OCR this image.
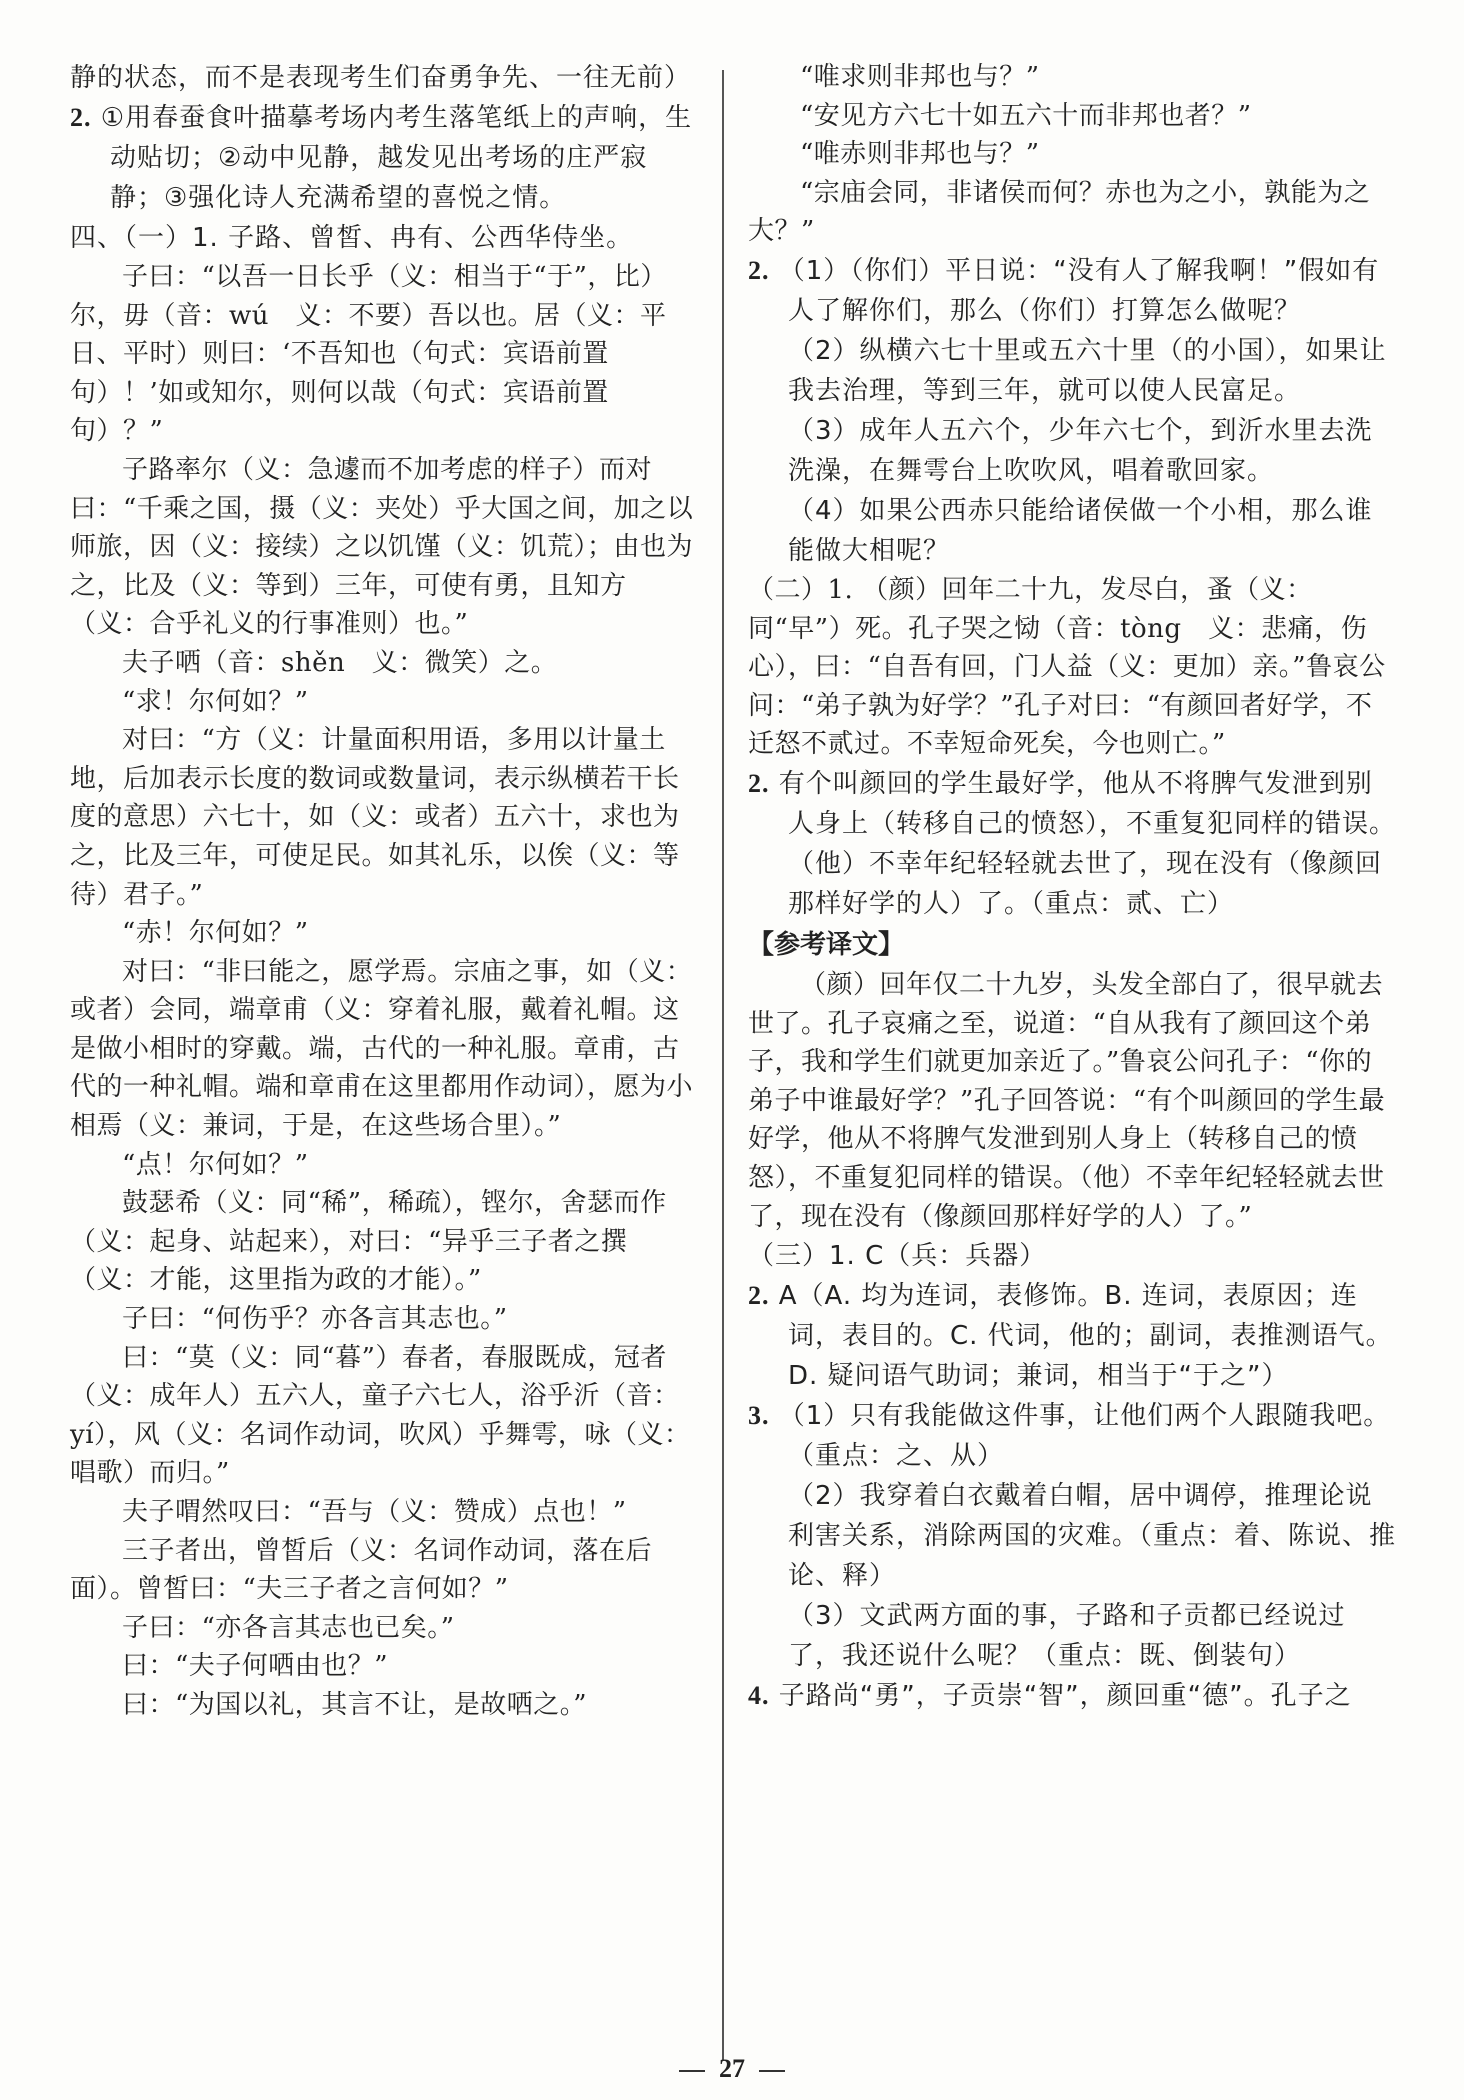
静的状态，而不是表现考生们奋勇争先、一往无前）

2. ①用春蚕食叶描摹考场内考生落笔纸上的声响，生动贴切；②动中见静，越发见出考场的庄严寂静；③强化诗人充满希望的喜悦之情。

四、（一）1. 子路、曾皙、冉有、公西华侍坐。

子曰：“以吾一日长乎（义：相当于“于”，比）尔，毋（音：wú　义：不要）吾以也。居（义：平日、平时）则曰：‘不吾知也（句式：宾语前置句）！’如或知尔，则何以哉（句式：宾语前置句）？”

子路率尔（义：急遽而不加考虑的样子）而对曰：“千乘之国，摄（义：夹处）乎大国之间，加之以师旅，因（义：接续）之以饥馑（义：饥荒）；由也为之，比及（义：等到）三年，可使有勇，且知方（义：合乎礼义的行事准则）也。”

夫子哂（音：shěn　义：微笑）之。

“求！尔何如？”

对曰：“方（义：计量面积用语，多用以计量土地，后加表示长度的数词或数量词，表示纵横若干长度的意思）六七十，如（义：或者）五六十，求也为之，比及三年，可使足民。如其礼乐，以俟（义：等待）君子。”

“赤！尔何如？”

对曰：“非曰能之，愿学焉。宗庙之事，如（义：或者）会同，端章甫（义：穿着礼服，戴着礼帽。这是做小相时的穿戴。端，古代的一种礼服。章甫，古代的一种礼帽。端和章甫在这里都用作动词），愿为小相焉（义：兼词，于是，在这些场合里）。”

“点！尔何如？”

鼓瑟希（义：同“稀”，稀疏），铿尔，舍瑟而作（义：起身、站起来），对曰：“异乎三子者之撰（义：才能，这里指为政的才能）。”

子曰：“何伤乎？亦各言其志也。”

曰：“莫（义：同“暮”）春者，春服既成，冠者（义：成年人）五六人，童子六七人，浴乎沂（音：yí），风（义：名词作动词，吹风）乎舞雩，咏（义：唱歌）而归。”

夫子喟然叹曰：“吾与（义：赞成）点也！”

三子者出，曾皙后（义：名词作动词，落在后面）。曾皙曰：“夫三子者之言何如？”

子曰：“亦各言其志也已矣。”

曰：“夫子何哂由也？”

曰：“为国以礼，其言不让，是故哂之。”

“唯求则非邦也与？”

“安见方六七十如五六十而非邦也者？”

“唯赤则非邦也与？”

“宗庙会同，非诸侯而何？赤也为之小，孰能为之大？”

2. （1）（你们）平日说：“没有人了解我啊！”假如有人了解你们，那么（你们）打算怎么做呢？

（2）纵横六七十里或五六十里（的小国），如果让我去治理，等到三年，就可以使人民富足。

（3）成年人五六个，少年六七个，到沂水里去洗洗澡，在舞雩台上吹吹风，唱着歌回家。

（4）如果公西赤只能给诸侯做一个小相，那么谁能做大相呢？

（二）1. （颜）回年二十九，发尽白，蚤（义：同“早”）死。孔子哭之恸（音：tòng　义：悲痛，伤心），曰：“自吾有回，门人益（义：更加）亲。”鲁哀公问：“弟子孰为好学？”孔子对曰：“有颜回者好学，不迁怒不贰过。不幸短命死矣，今也则亡。”

2. 有个叫颜回的学生最好学，他从不将脾气发泄到别人身上（转移自己的愤怒），不重复犯同样的错误。（他）不幸年纪轻轻就去世了，现在没有（像颜回那样好学的人）了。（重点：贰、亡）

【参考译文】

（颜）回年仅二十九岁，头发全部白了，很早就去世了。孔子哀痛之至，说道：“自从我有了颜回这个弟子，我和学生们就更加亲近了。”鲁哀公问孔子：“你的弟子中谁最好学？”孔子回答说：“有个叫颜回的学生最好学，他从不将脾气发泄到别人身上（转移自己的愤怒），不重复犯同样的错误。（他）不幸年纪轻轻就去世了，现在没有（像颜回那样好学的人）了。”

（三）1. C（兵：兵器）

2. A（A. 均为连词，表修饰。B. 连词，表原因；连词，表目的。C. 代词，他的；副词，表推测语气。D. 疑问语气助词；兼词，相当于“于之”）

3. （1）只有我能做这件事，让他们两个人跟随我吧。（重点：之、从）

（2）我穿着白衣戴着白帽，居中调停，推理论说利害关系，消除两国的灾难。（重点：着、陈说、推论、释）

（3）文武两方面的事，子路和子贡都已经说过了，我还说什么呢？（重点：既、倒装句）

4. 子路尚“勇”，子贡崇“智”，颜回重“德”。孔子之

27
